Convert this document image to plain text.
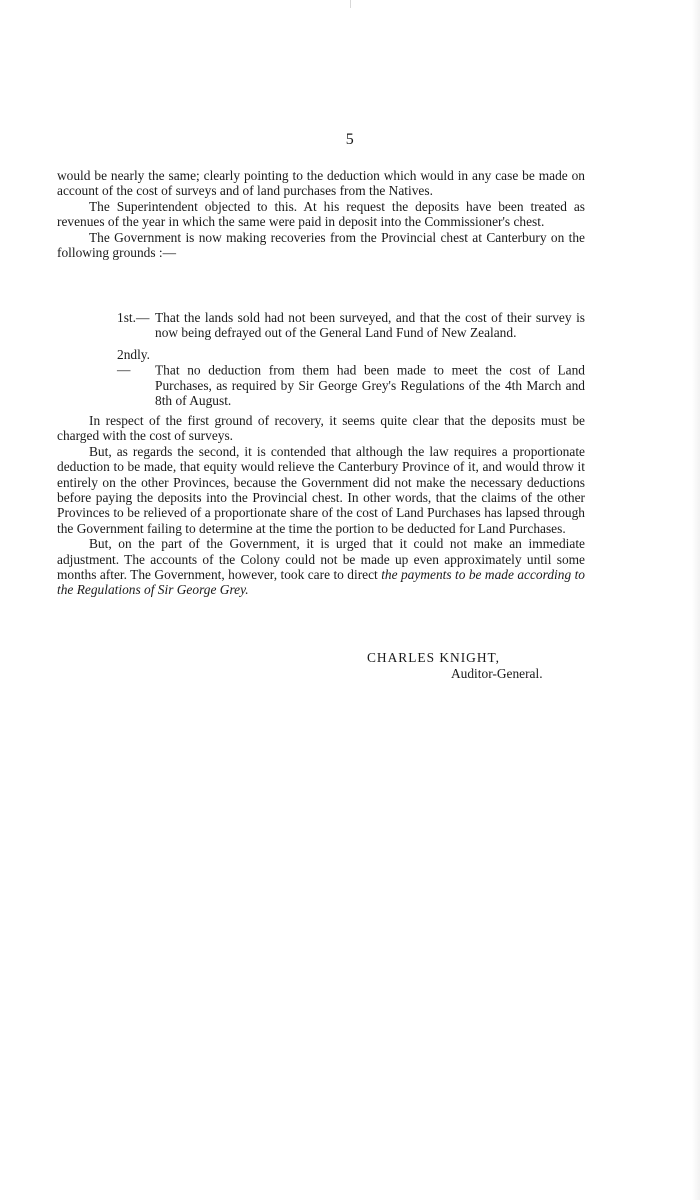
5

would be nearly the same; clearly pointing to the deduction which would in any case be made on account of the cost of surveys and of land purchases from the Natives.

The Superintendent objected to this. At his request the deposits have been treated as revenues of the year in which the same were paid in deposit into the Commissioner's chest.

The Government is now making recoveries from the Provincial chest at Canterbury on the following grounds :—

1st.— That the lands sold had not been surveyed, and that the cost of their survey is now being defrayed out of the General Land Fund of New Zealand.

2ndly.— That no deduction from them had been made to meet the cost of Land Purchases, as required by Sir George Grey's Regulations of the 4th March and 8th of August.

In respect of the first ground of recovery, it seems quite clear that the deposits must be charged with the cost of surveys.

But, as regards the second, it is contended that although the law requires a proportionate deduction to be made, that equity would relieve the Canterbury Province of it, and would throw it entirely on the other Provinces, because the Government did not make the necessary deductions before paying the deposits into the Provincial chest. In other words, that the claims of the other Provinces to be relieved of a proportionate share of the cost of Land Purchases has lapsed through the Government failing to determine at the time the portion to be deducted for Land Purchases.

But, on the part of the Government, it is urged that it could not make an immediate adjustment. The accounts of the Colony could not be made up even approximately until some months after. The Government, however, took care to direct the payments to be made according to the Regulations of Sir George Grey.

CHARLES KNIGHT,
Auditor-General.
